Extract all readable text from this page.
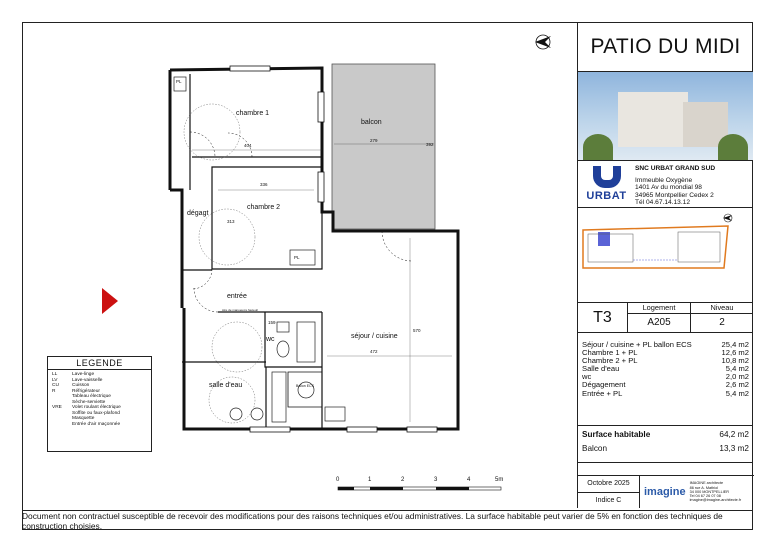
chambre 1
balcon
chambre 2
dégagt
entrée
wc	séjour / cuisine
salle d'eau
404
279
336
472
159
570
313
392
PL
PL
Ballon ECS
Aire de manoeuvre fauteuil
0	1	2	3	4	5m
LEGENDE
LL	Lave-linge
LV	Lave-vaisselle
CU	Cuisson
R	Réfrigérateur
Tableau électrique
Sèche-serviette
VRE	Volet roulant électrique
Soffite ou faux-plafond
Masquette
Entrée d'air maçonnée
PATIO DU MIDI
URBAT
SNC URBAT GRAND SUD
Immeuble Oxygène
1401 Av du mondial 98
34965 Montpellier Cedex 2
Tél 04.67.14.13.12
T3
Logement
A205
Niveau
2
Séjour / cuisine + PL ballon ECS	25,4 m2
Chambre 1 + PL	12,6 m2
Chambre 2 + PL	10,8 m2
Salle d'eau	5,4 m2
wc	2,0 m2
Dégagement	2,6 m2
Entrée + PL	5,4 m2
Surface habitable	64,2 m2
Balcon	13,3 m2
Octobre 2025
Indice C
imagine
IMAGINE architecte
86 rue A. Mathiol
34 000 MONTPELLIER
Tel 04 67 26 07 08
imagine@imagine-architecte.fr
Document non contractuel susceptible de recevoir des modifications pour des raisons techniques et/ou administratives. La surface habitable peut varier de 5% en fonction des techniques de construction choisies.
